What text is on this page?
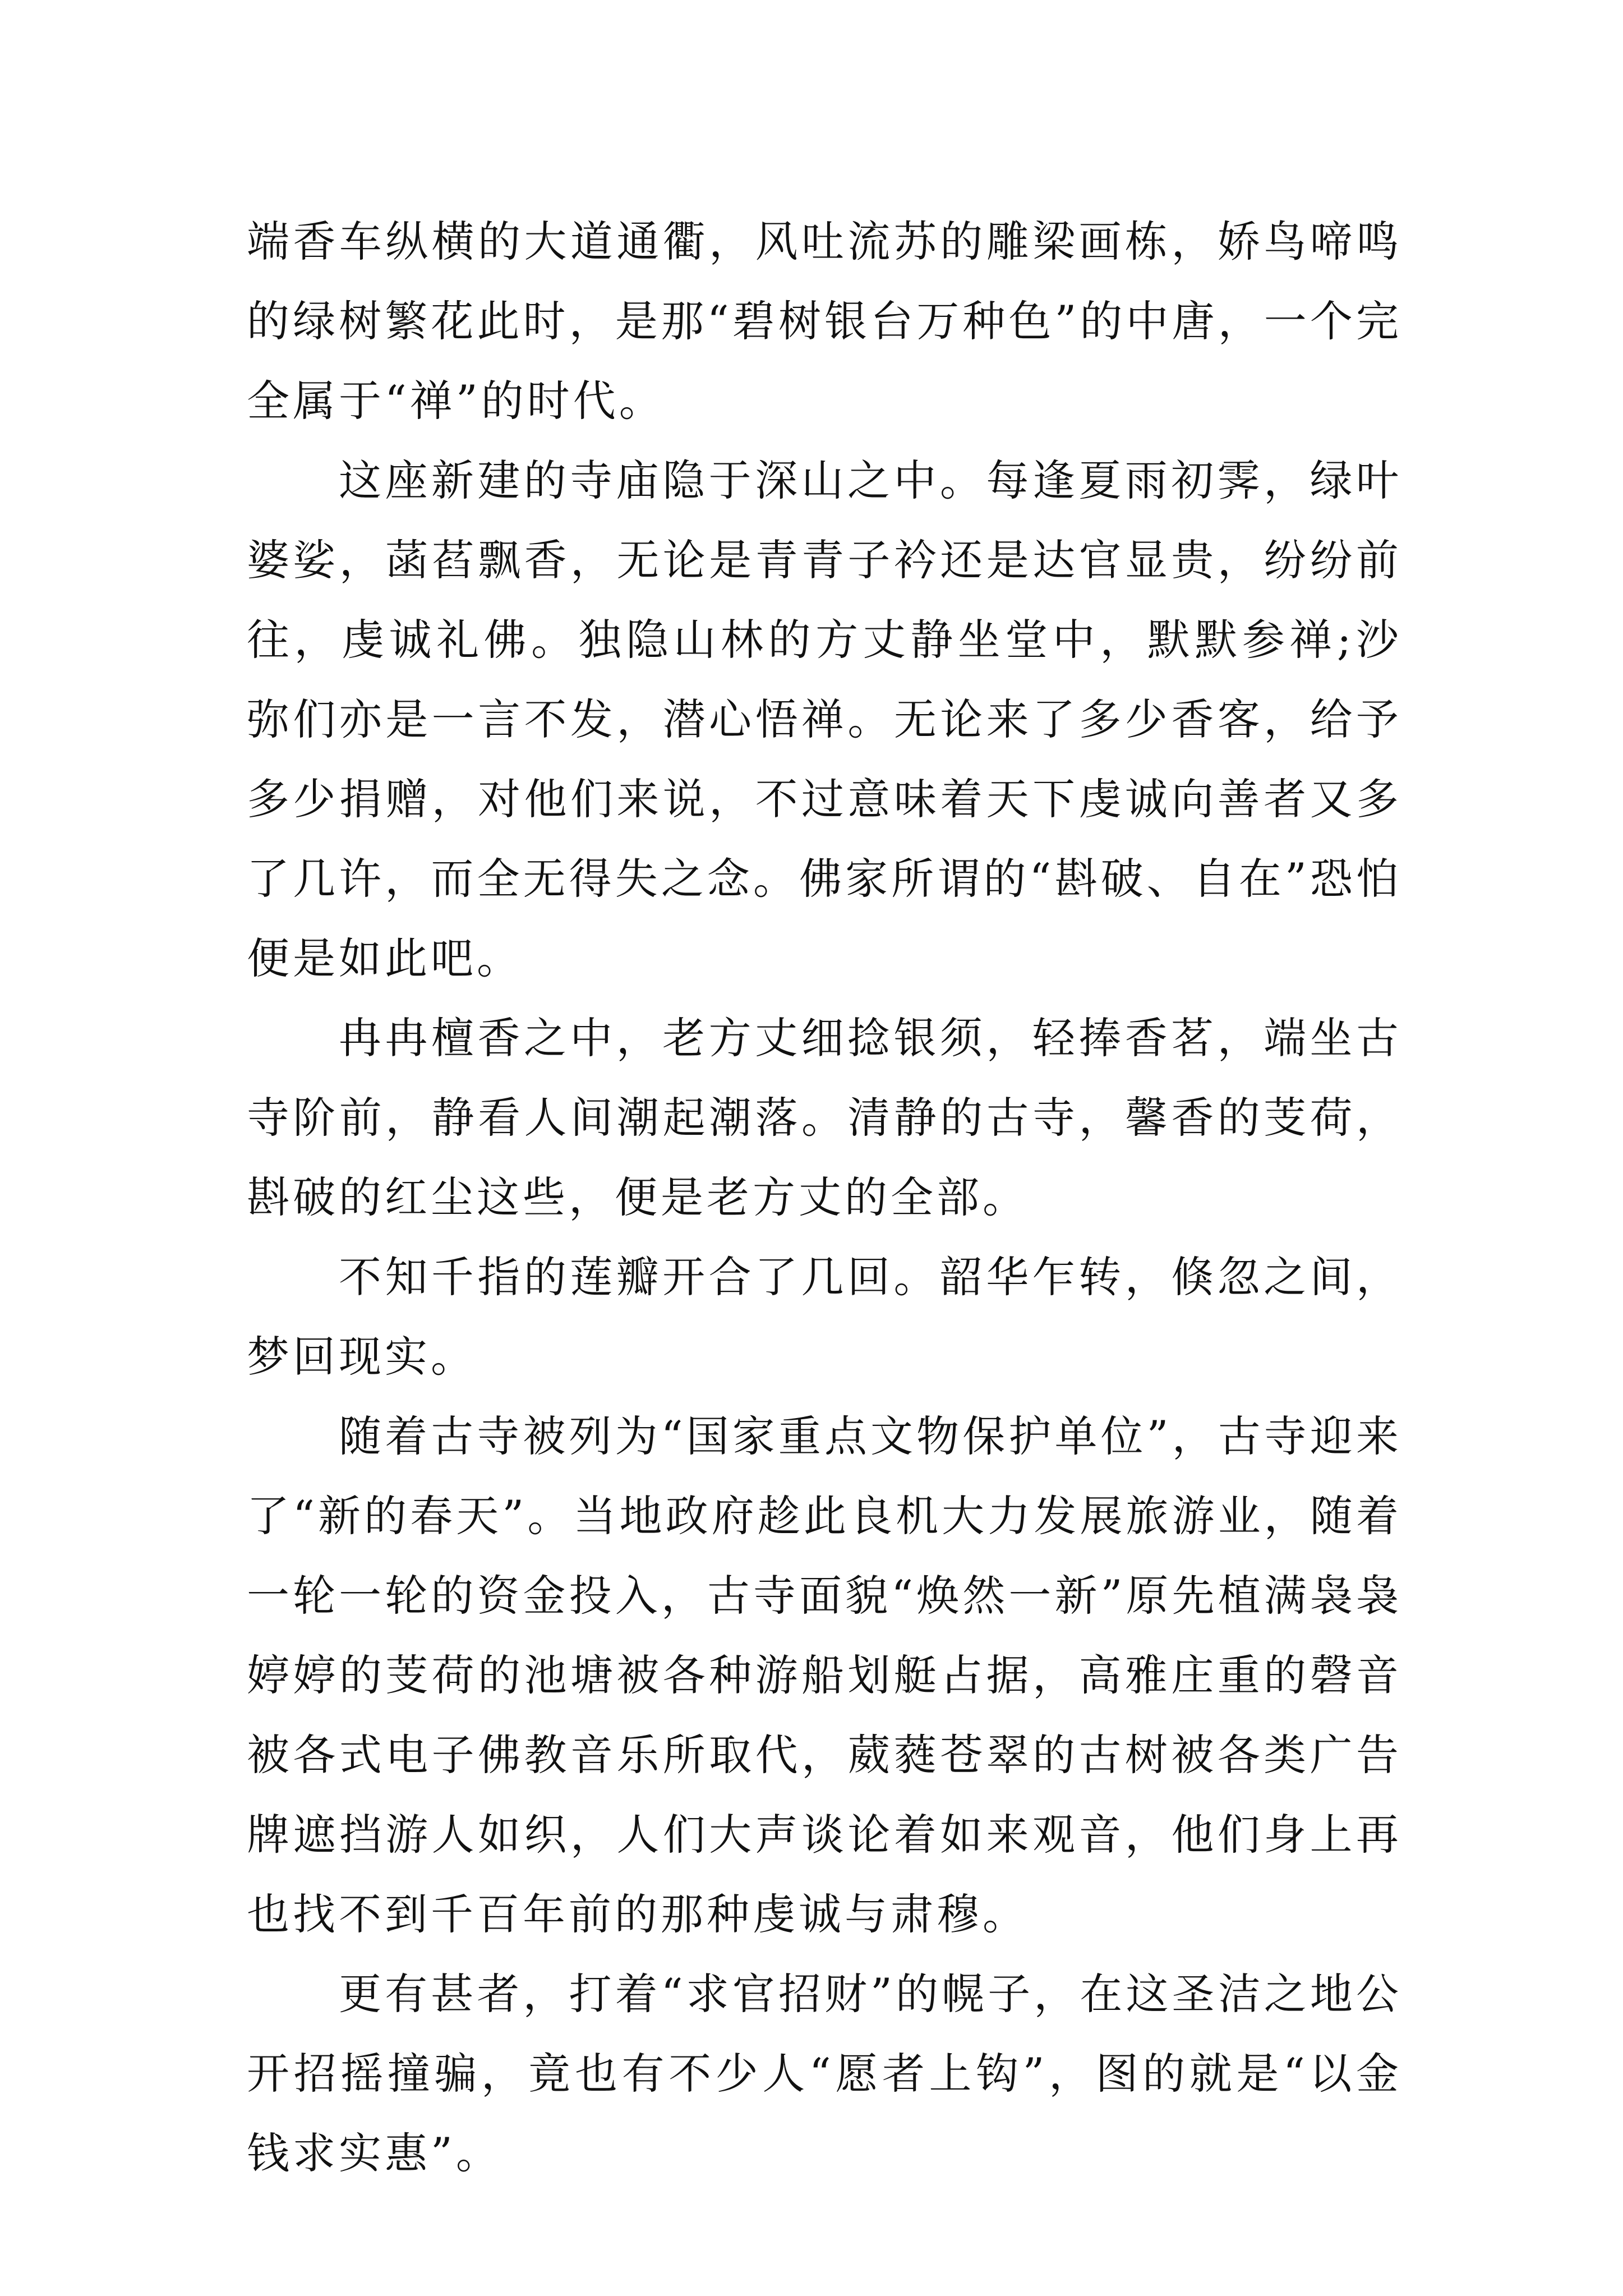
端香车纵横的大道通衢，风吐流苏的雕梁画栋，娇鸟啼鸣的绿树繁花此时，是那“碧树银台万种色”的中唐，一个完全属于“禅”的时代。

这座新建的寺庙隐于深山之中。每逢夏雨初霁，绿叶婆娑，菡萏飘香，无论是青青子衿还是达官显贵，纷纷前往，虔诚礼佛。独隐山林的方丈静坐堂中，默默参禅;沙弥们亦是一言不发，潜心悟禅。无论来了多少香客，给予多少捐赠，对他们来说，不过意味着天下虔诚向善者又多了几许，而全无得失之念。佛家所谓的“斟破、自在”恐怕便是如此吧。

冉冉檀香之中，老方丈细捻银须，轻捧香茗，端坐古寺阶前，静看人间潮起潮落。清静的古寺，馨香的芰荷，斟破的红尘这些，便是老方丈的全部。

不知千指的莲瓣开合了几回。韶华乍转，倏忽之间，梦回现实。

随着古寺被列为“国家重点文物保护单位”，古寺迎来了“新的春天”。当地政府趁此良机大力发展旅游业，随着一轮一轮的资金投入，古寺面貌“焕然一新”原先植满袅袅婷婷的芰荷的池塘被各种游船划艇占据，高雅庄重的磬音被各式电子佛教音乐所取代，葳蕤苍翠的古树被各类广告牌遮挡游人如织，人们大声谈论着如来观音，他们身上再也找不到千百年前的那种虔诚与肃穆。

更有甚者，打着“求官招财”的幌子，在这圣洁之地公开招摇撞骗，竟也有不少人“愿者上钩”，图的就是“以金钱求实惠”。
